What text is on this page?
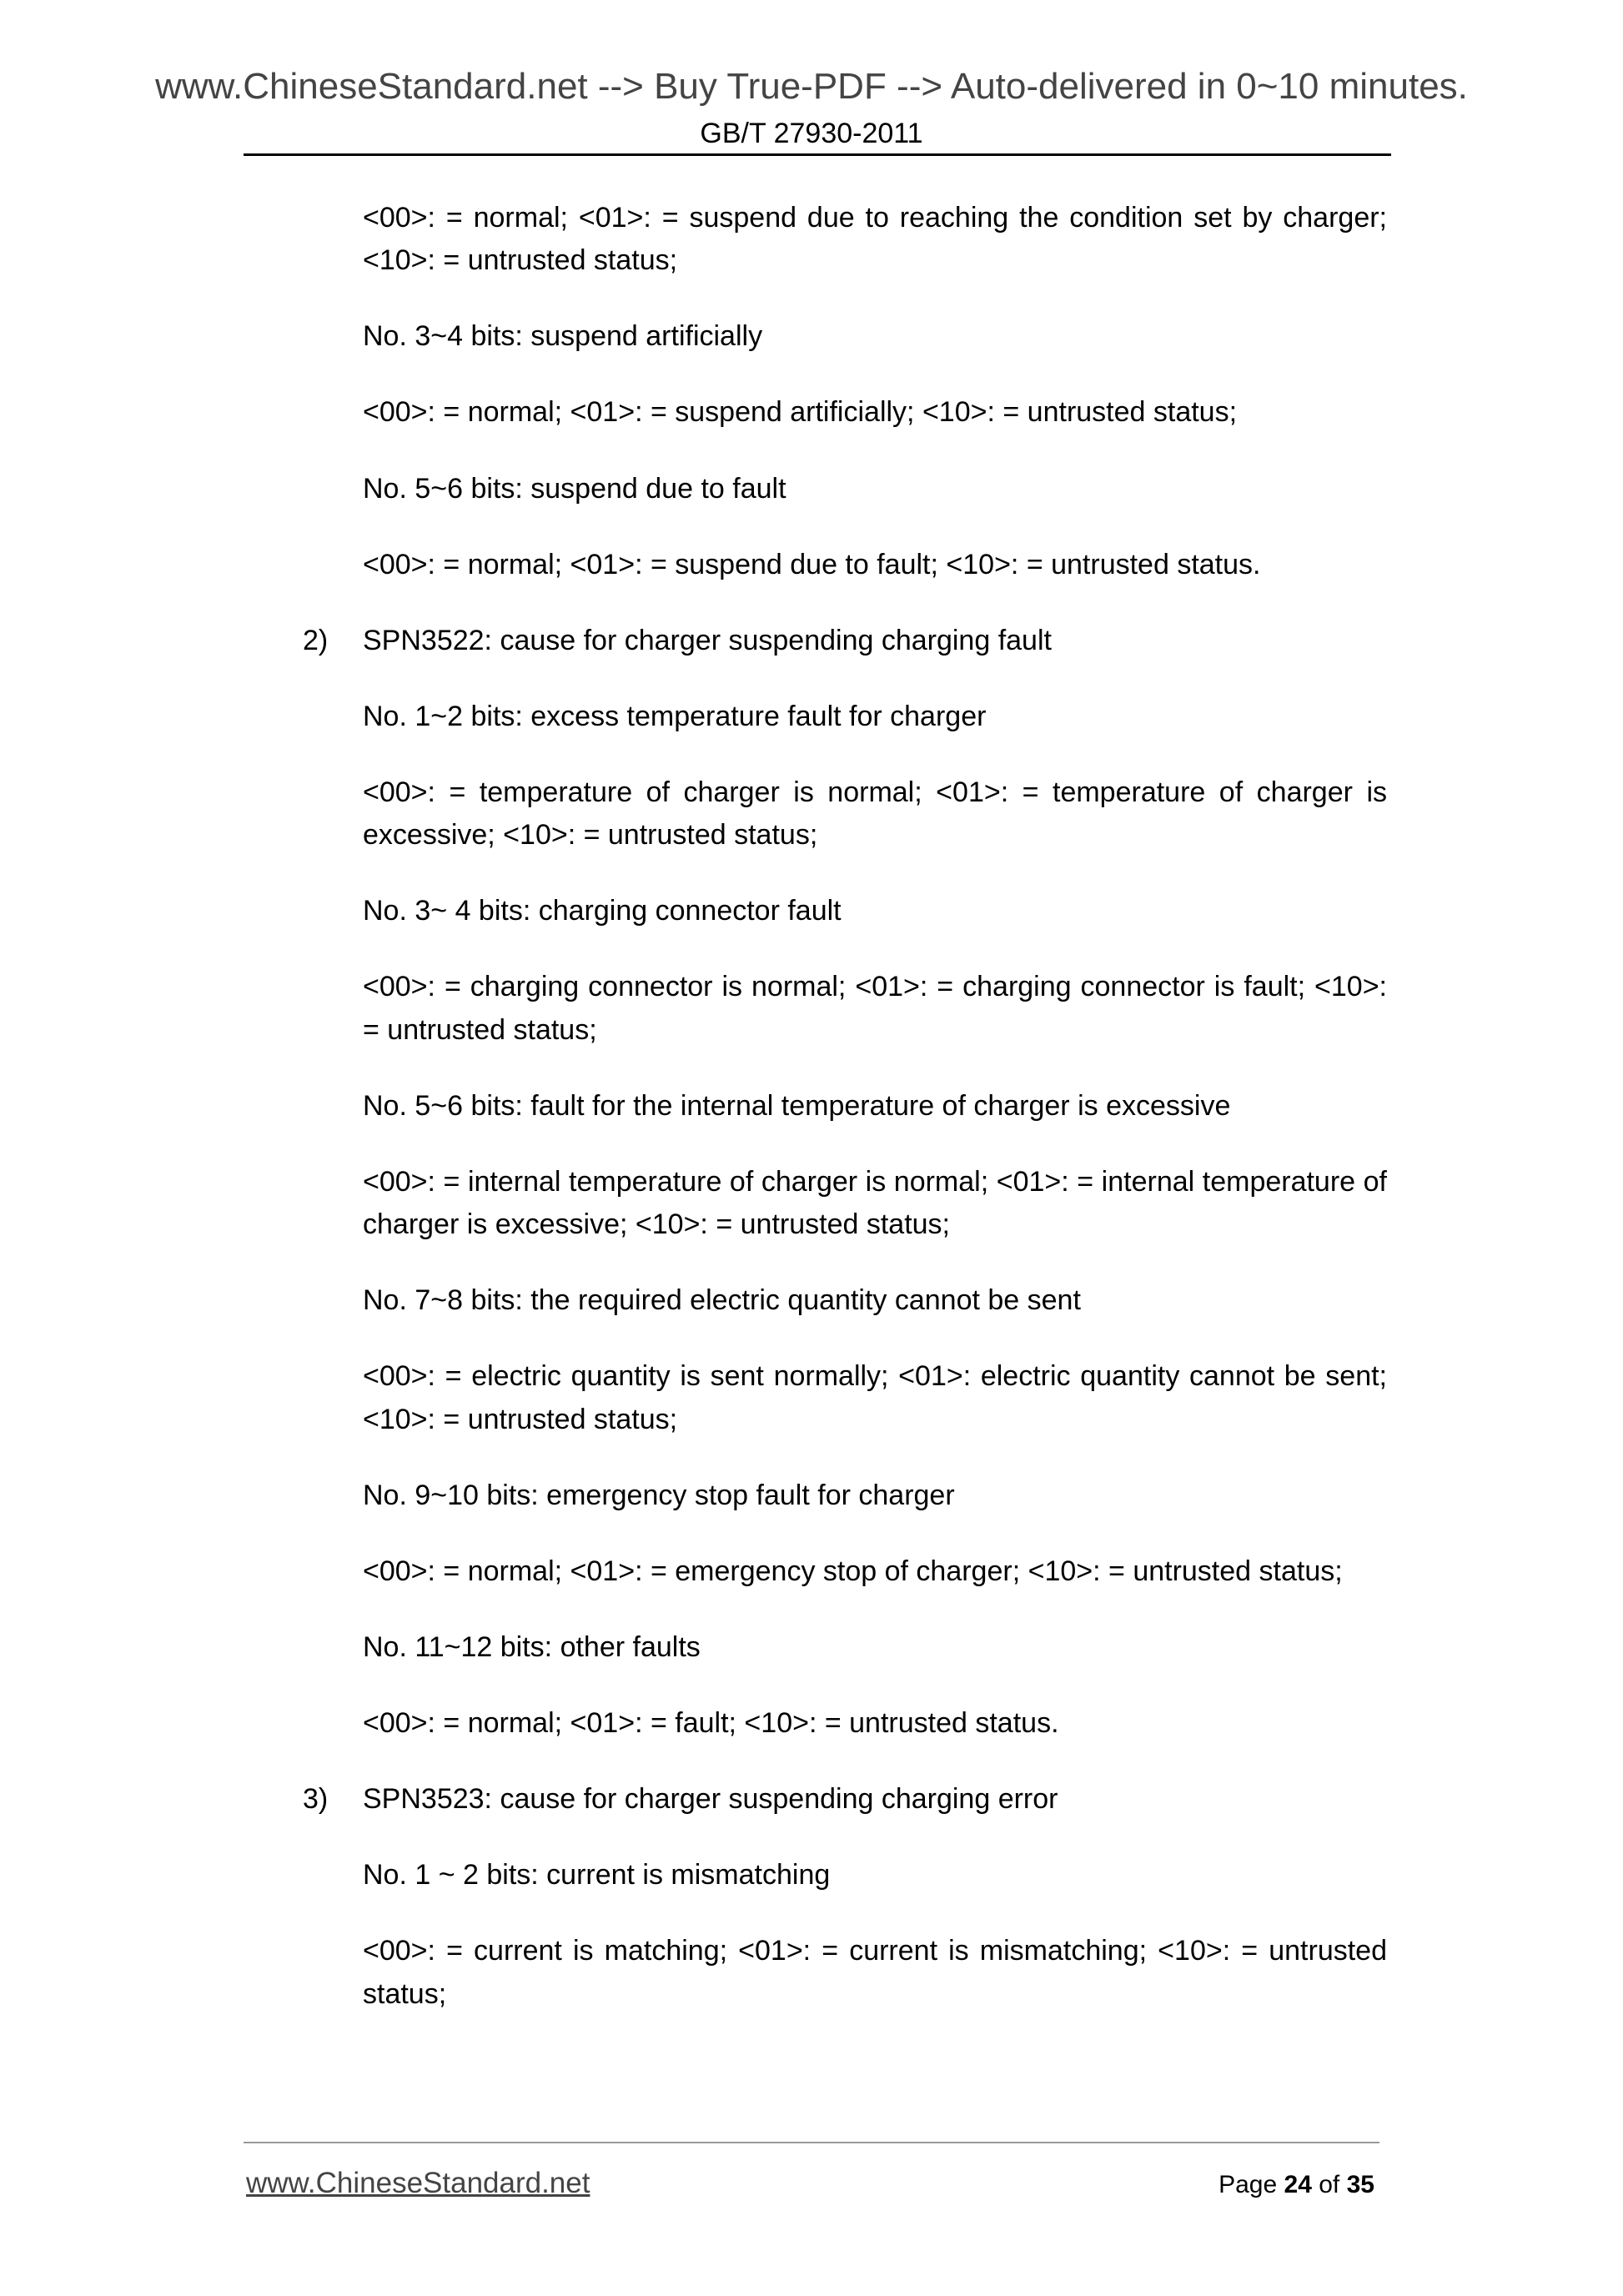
www.ChineseStandard.net --> Buy True-PDF --> Auto-delivered in 0~10 minutes.
GB/T 27930-2011

<00>: = normal; <01>: = suspend due to reaching the condition set by charger; <10>: = untrusted status;

No. 3~4 bits: suspend artificially

<00>: = normal; <01>: = suspend artificially; <10>: = untrusted status;

No. 5~6 bits: suspend due to fault

<00>: = normal; <01>: = suspend due to fault; <10>: = untrusted status.

2) SPN3522: cause for charger suspending charging fault

No. 1~2 bits: excess temperature fault for charger

<00>: = temperature of charger is normal; <01>: = temperature of charger is excessive; <10>: = untrusted status;

No. 3~ 4 bits: charging connector fault

<00>: = charging connector is normal; <01>: = charging connector is fault; <10>: = untrusted status;

No. 5~6 bits: fault for the internal temperature of charger is excessive

<00>: = internal temperature of charger is normal; <01>: = internal temperature of charger is excessive; <10>: = untrusted status;

No. 7~8 bits: the required electric quantity cannot be sent

<00>: = electric quantity is sent normally; <01>: electric quantity cannot be sent; <10>: = untrusted status;

No. 9~10 bits: emergency stop fault for charger

<00>: = normal; <01>: = emergency stop of charger; <10>: = untrusted status;

No. 11~12 bits: other faults

<00>: = normal; <01>: = fault; <10>: = untrusted status.

3) SPN3523: cause for charger suspending charging error

No. 1 ~ 2 bits: current is mismatching

<00>: = current is matching; <01>: = current is mismatching; <10>: = untrusted status;

www.ChineseStandard.net	Page 24 of 35
